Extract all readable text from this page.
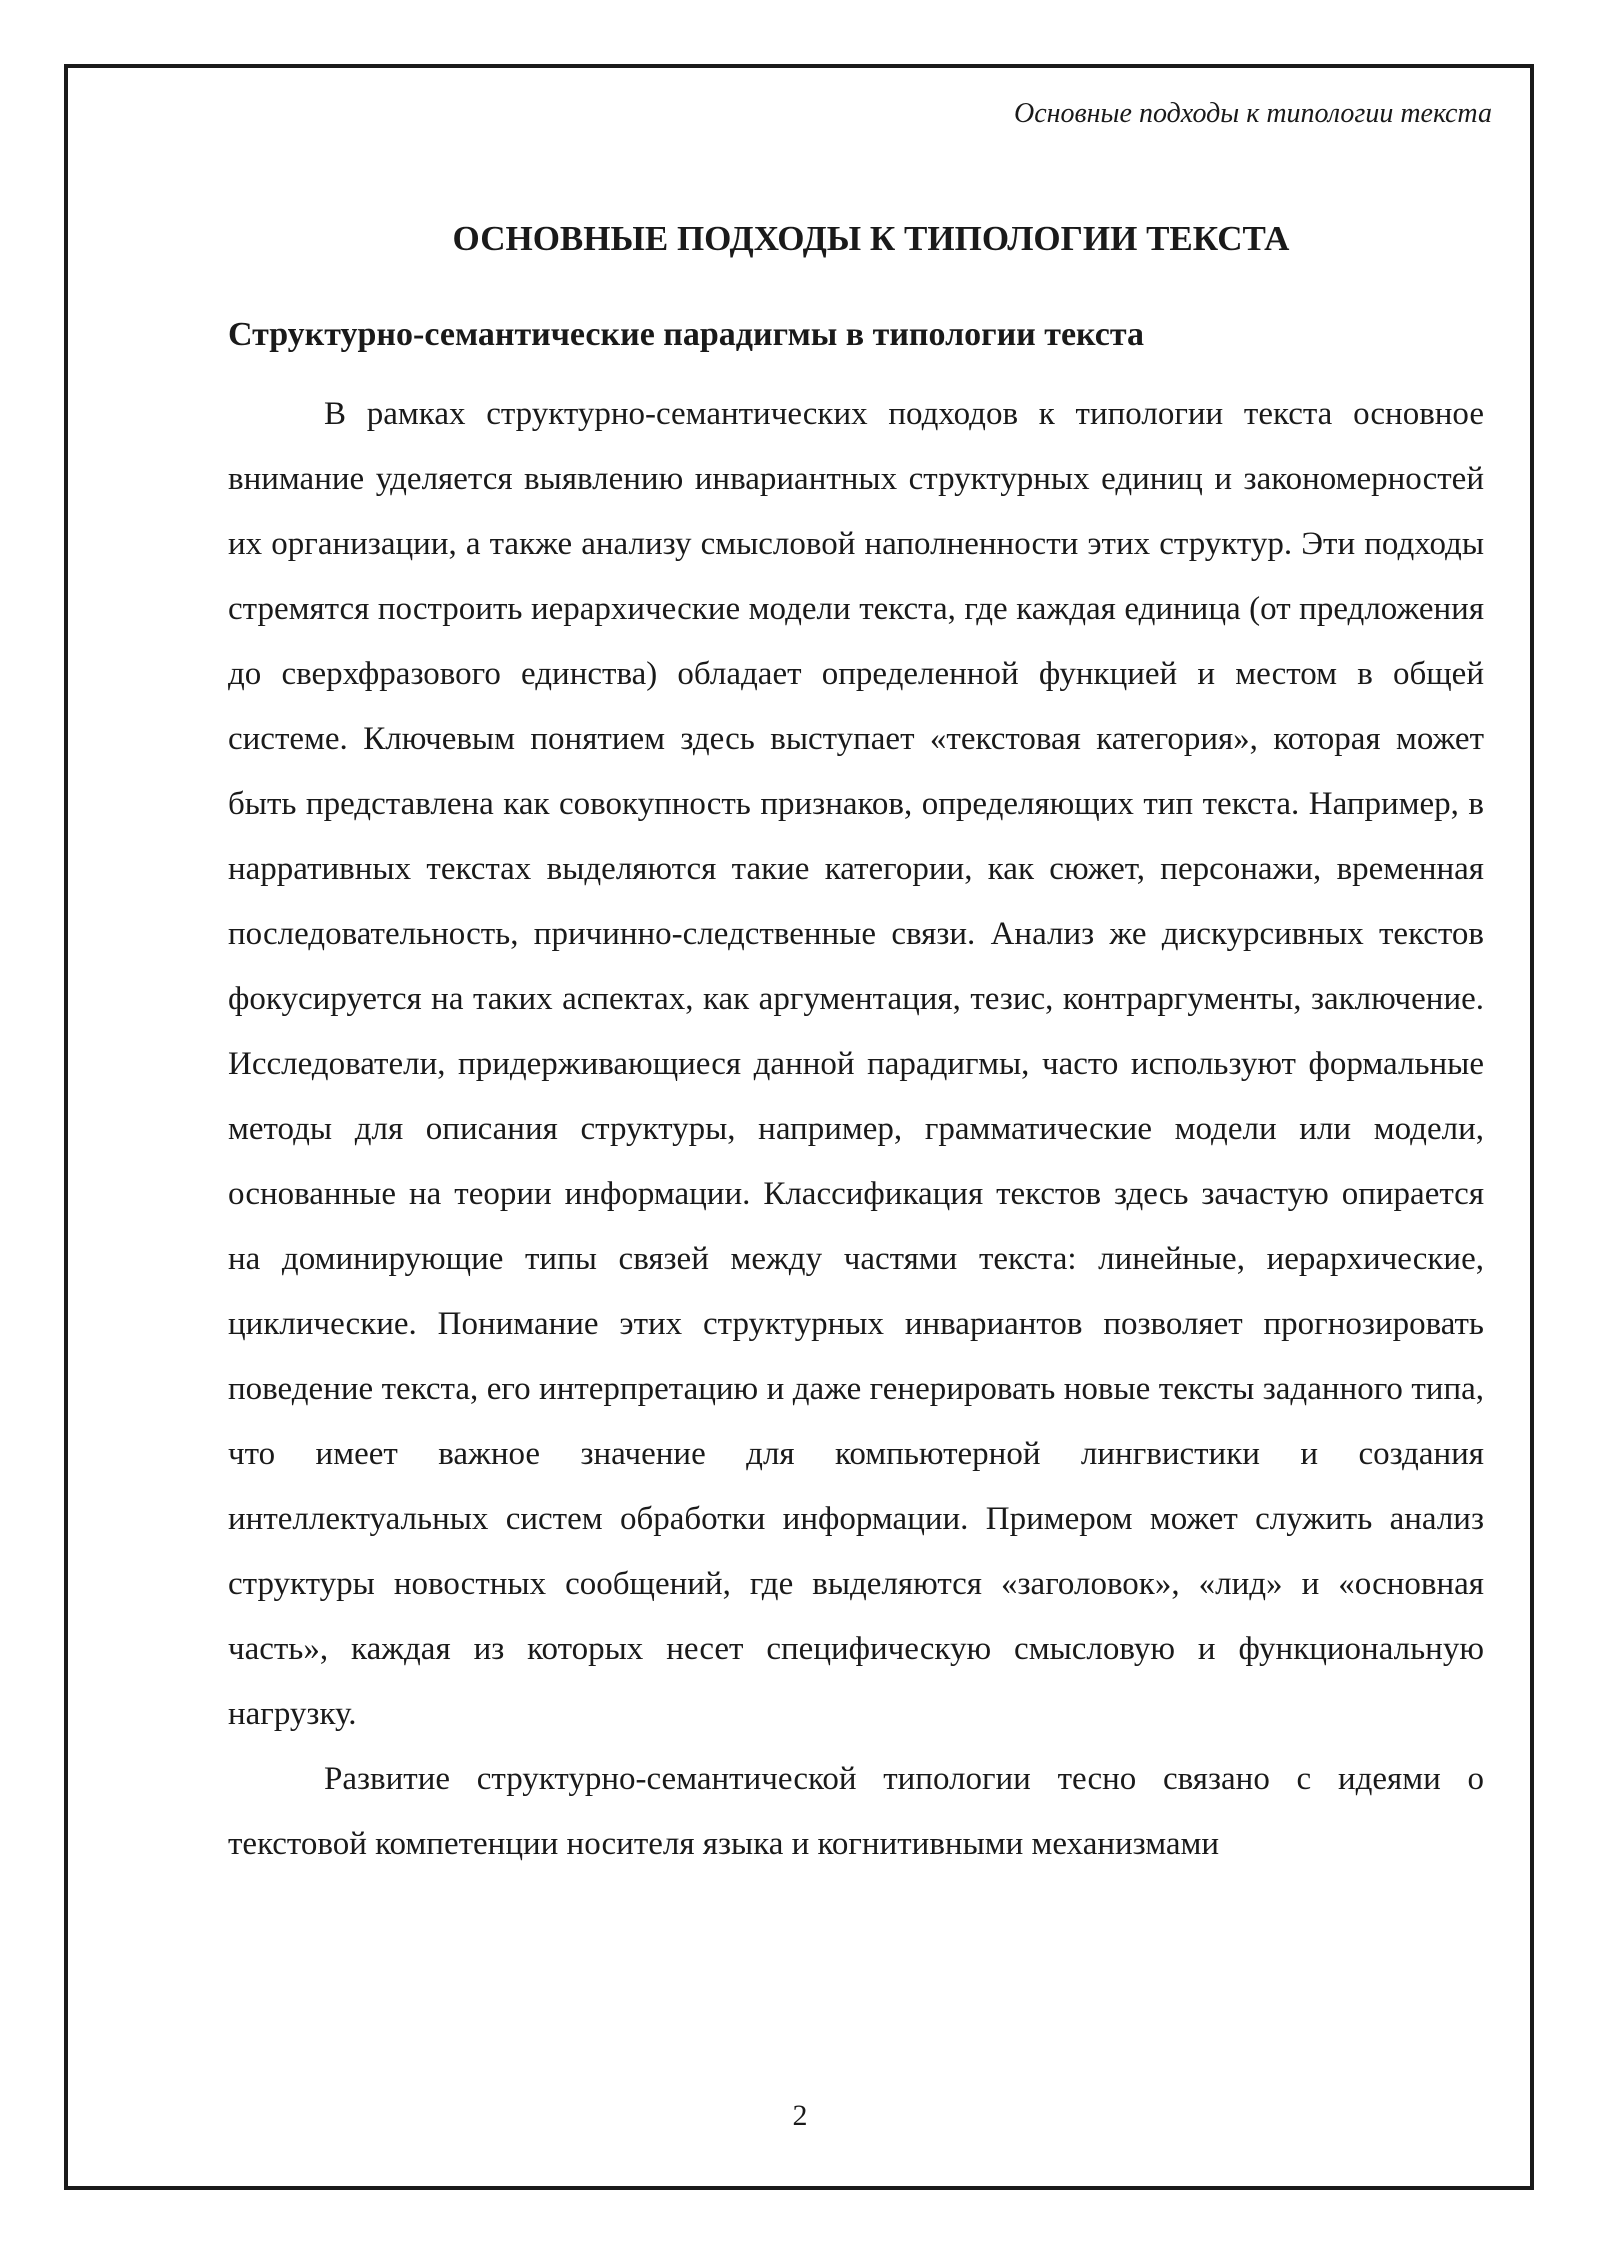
Основные подходы к типологии текста
ОСНОВНЫЕ ПОДХОДЫ К ТИПОЛОГИИ ТЕКСТА
Структурно-семантические парадигмы в типологии текста

В рамках структурно-семантических подходов к типологии текста основное внимание уделяется выявлению инвариантных структурных единиц и закономерностей их организации, а также анализу смысловой наполненности этих структур. Эти подходы стремятся построить иерархические модели текста, где каждая единица (от предложения до сверхфразового единства) обладает определенной функцией и местом в общей системе. Ключевым понятием здесь выступает «текстовая категория», которая может быть представлена как совокупность признаков, определяющих тип текста. Например, в нарративных текстах выделяются такие категории, как сюжет, персонажи, временная последовательность, причинно-следственные связи. Анализ же дискурсивных текстов фокусируется на таких аспектах, как аргументация, тезис, контраргументы, заключение. Исследователи, придерживающиеся данной парадигмы, часто используют формальные методы для описания структуры, например, грамматические модели или модели, основанные на теории информации. Классификация текстов здесь зачастую опирается на доминирующие типы связей между частями текста: линейные, иерархические, циклические. Понимание этих структурных инвариантов позволяет прогнозировать поведение текста, его интерпретацию и даже генерировать новые тексты заданного типа, что имеет важное значение для компьютерной лингвистики и создания интеллектуальных систем обработки информации. Примером может служить анализ структуры новостных сообщений, где выделяются «заголовок», «лид» и «основная часть», каждая из которых несет специфическую смысловую и функциональную нагрузку.

Развитие структурно-семантической типологии тесно связано с идеями о текстовой компетенции носителя языка и когнитивными механизмами

2
